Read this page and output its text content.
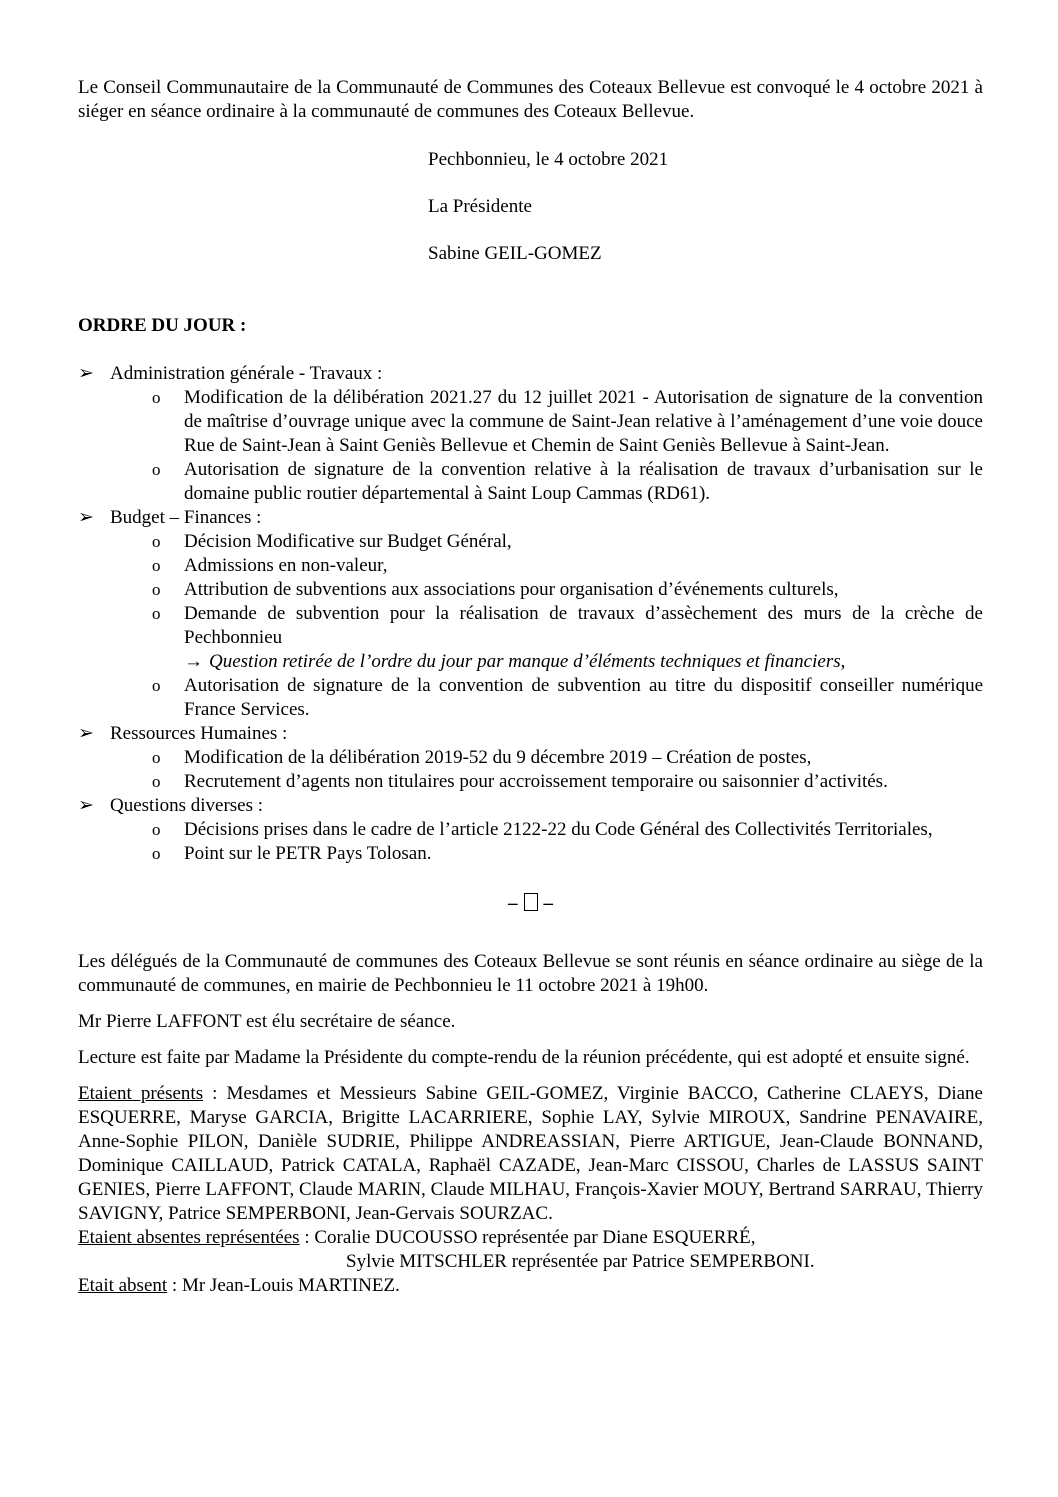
Le Conseil Communautaire de la Communauté de Communes des Coteaux Bellevue est convoqué le 4 octobre 2021 à siéger en séance ordinaire à la communauté de communes des Coteaux Bellevue.

Pechbonnieu, le 4 octobre 2021

La Présidente

Sabine GEIL-GOMEZ

ORDRE DU JOUR :

➢ Administration générale - Travaux :
o	Modification de la délibération 2021.27 du 12 juillet 2021 - Autorisation de signature de la convention de maîtrise d’ouvrage unique avec la commune de Saint-Jean relative à l’aménagement d’une voie douce Rue de Saint-Jean à Saint Geniès Bellevue et Chemin de Saint Geniès Bellevue à Saint-Jean.
o	Autorisation de signature de la convention relative à la réalisation de travaux d’urbanisation sur le domaine public routier départemental à Saint Loup Cammas (RD61).
➢ Budget – Finances :
o	Décision Modificative sur Budget Général,
o	Admissions en non-valeur,
o	Attribution de subventions aux associations pour organisation d’événements culturels,
o	Demande de subvention pour la réalisation de travaux d’assèchement des murs de la crèche de Pechbonnieu
→ Question retirée de l’ordre du jour par manque d’éléments techniques et financiers,
o	Autorisation de signature de la convention de subvention au titre du dispositif conseiller numérique France Services.
➢ Ressources Humaines :
o	Modification de la délibération 2019-52 du 9 décembre 2019 – Création de postes,
o	Recrutement d’agents non titulaires pour accroissement temporaire ou saisonnier d’activités.
➢ Questions diverses :
o	Décisions prises dans le cadre de l’article 2122-22 du Code Général des Collectivités Territoriales,
o	Point sur le PETR Pays Tolosan.
– –

Les délégués de la Communauté de communes des Coteaux Bellevue se sont réunis en séance ordinaire au siège de la communauté de communes, en mairie de Pechbonnieu le 11 octobre 2021 à 19h00.

Mr Pierre LAFFONT est élu secrétaire de séance.

Lecture est faite par Madame la Présidente du compte-rendu de la réunion précédente, qui est adopté et ensuite signé.

Etaient présents : Mesdames et Messieurs Sabine GEIL-GOMEZ, Virginie BACCO, Catherine CLAEYS, Diane ESQUERRE, Maryse GARCIA, Brigitte LACARRIERE, Sophie LAY, Sylvie MIROUX, Sandrine PENAVAIRE, Anne-Sophie PILON, Danièle SUDRIE, Philippe ANDREASSIAN, Pierre ARTIGUE, Jean-Claude BONNAND, Dominique CAILLAUD, Patrick CATALA, Raphaël CAZADE, Jean-Marc CISSOU, Charles de LASSUS SAINT GENIES, Pierre LAFFONT, Claude MARIN, Claude MILHAU, François-Xavier MOUY, Bertrand SARRAU, Thierry SAVIGNY, Patrice SEMPERBONI, Jean-Gervais SOURZAC.

Etaient absentes représentées : Coralie DUCOUSSO représentée par Diane ESQUERRÉ,

Sylvie MITSCHLER représentée par Patrice SEMPERBONI.

Etait absent : Mr Jean-Louis MARTINEZ.
